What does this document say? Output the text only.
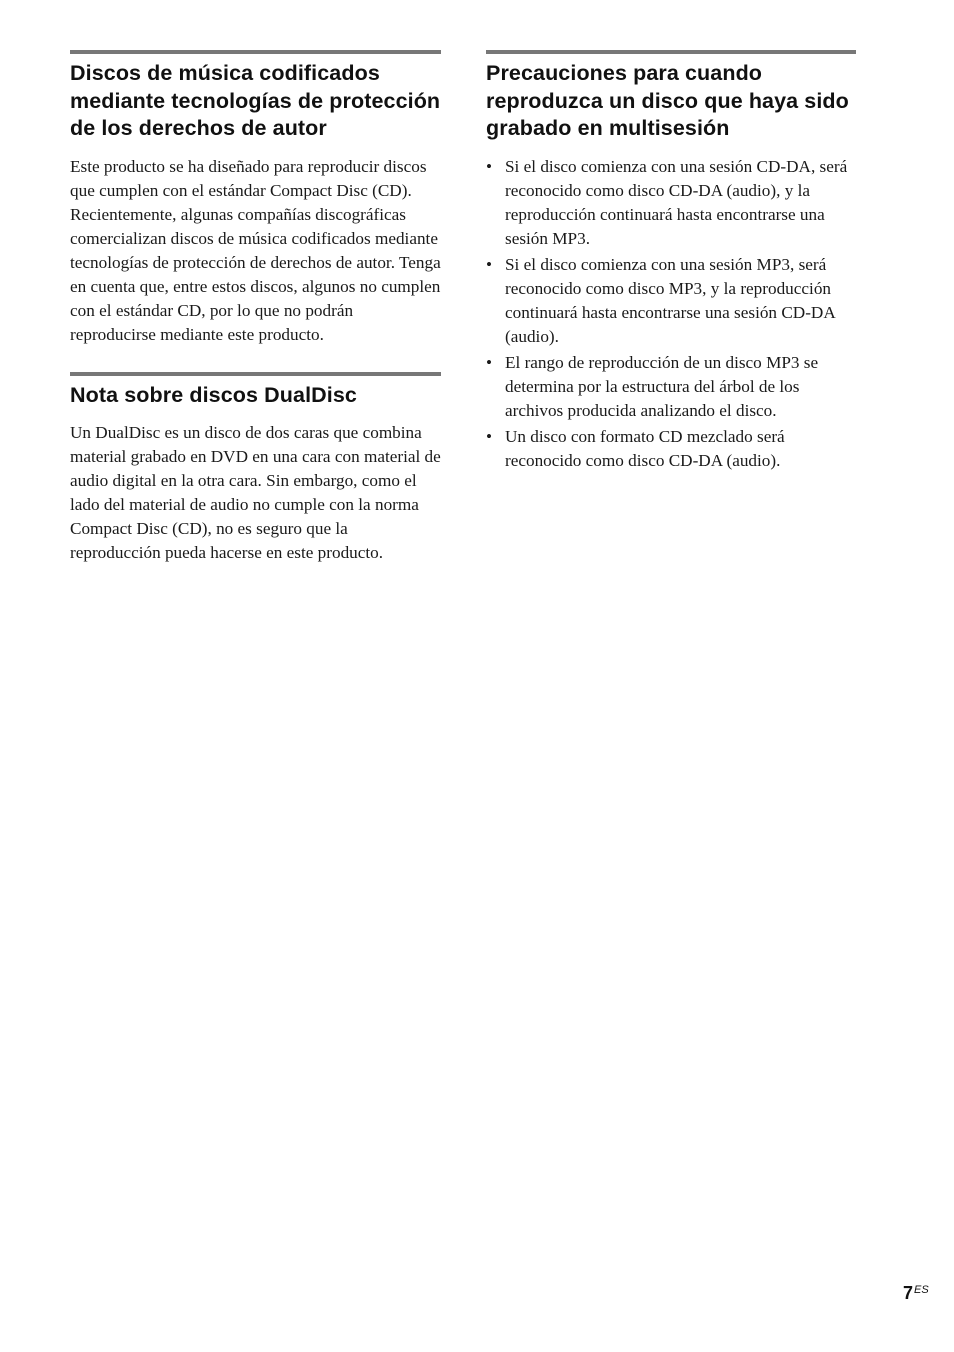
Discos de música codificados mediante tecnologías de protección de los derechos de autor

Este producto se ha diseñado para reproducir discos que cumplen con el estándar Compact Disc (CD). Recientemente, algunas compañías discográficas comercializan discos de música codificados mediante tecnologías de protección de derechos de autor. Tenga en cuenta que, entre estos discos, algunos no cumplen con el estándar CD, por lo que no podrán reproducirse mediante este producto.

Nota sobre discos DualDisc

Un DualDisc es un disco de dos caras que combina material grabado en DVD en una cara con material de audio digital en la otra cara. Sin embargo, como el lado del material de audio no cumple con la norma Compact Disc (CD), no es seguro que la reproducción pueda hacerse en este producto.

Precauciones para cuando reproduzca un disco que haya sido grabado en multisesión
• Si el disco comienza con una sesión CD-DA, será reconocido como disco CD-DA (audio), y la reproducción continuará hasta encontrarse una sesión MP3.
• Si el disco comienza con una sesión MP3, será reconocido como disco MP3, y la reproducción continuará hasta encontrarse una sesión CD-DA (audio).
• El rango de reproducción de un disco MP3 se determina por la estructura del árbol de los archivos producida analizando el disco.
• Un disco con formato CD mezclado será reconocido como disco CD-DA (audio).
$7^{ES}$
